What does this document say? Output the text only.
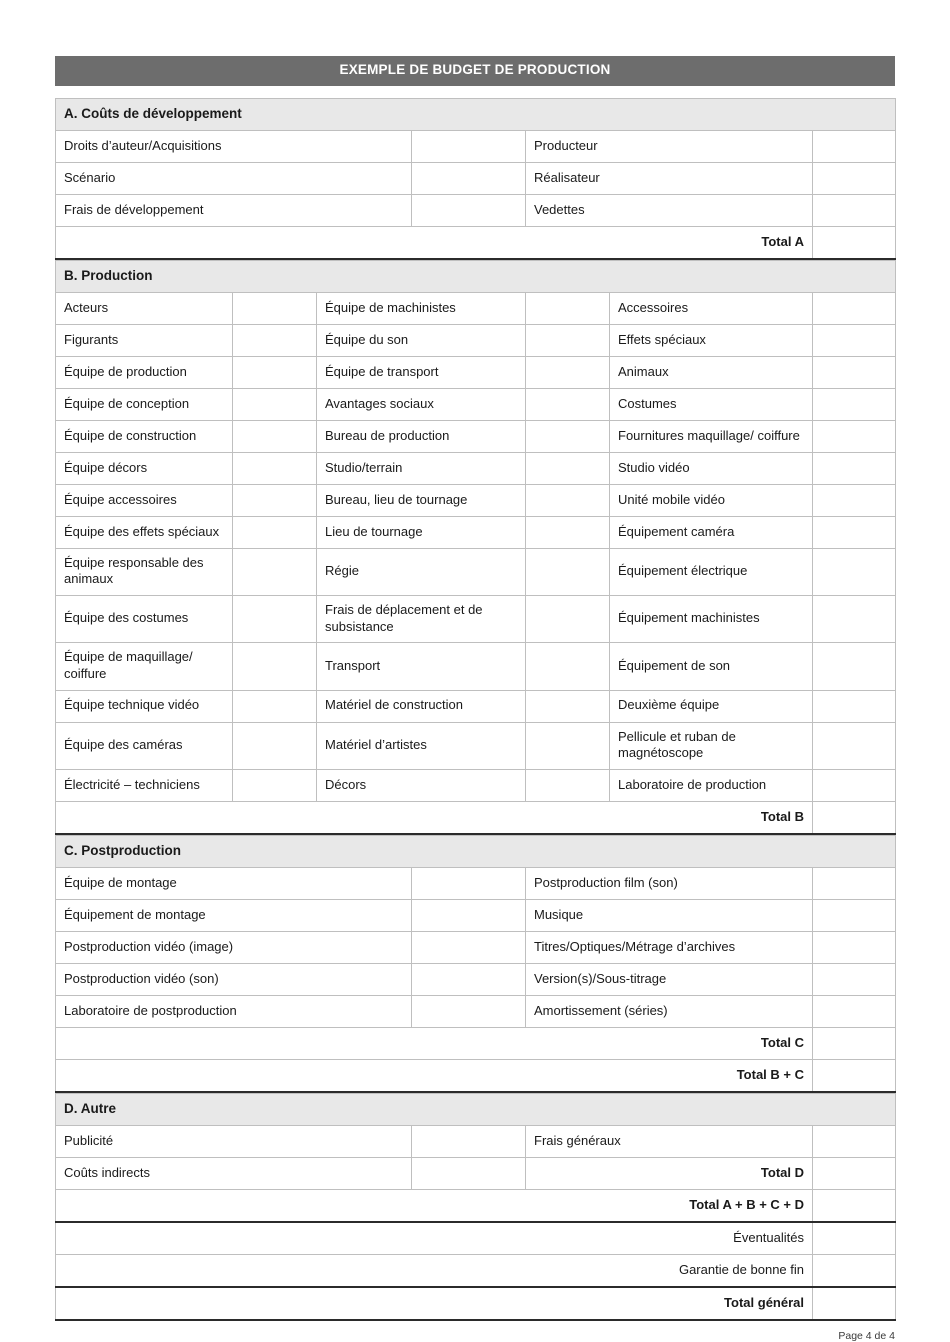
EXEMPLE DE BUDGET DE PRODUCTION
A. Coûts de développement						
Droits d’auteur/Acquisitions				Producteur		
Scénario				Réalisateur		
Frais de développement				Vedettes		
Total A						

B. Production						
Acteurs		Équipe de machinistes			Accessoires	
Figurants		Équipe du son			Effets spéciaux	
Équipe de production		Équipe de transport			Animaux	
Équipe de conception		Avantages sociaux			Costumes	
Équipe de construction		Bureau de production			Fournitures maquillage/ coiffure	
Équipe décors		Studio/terrain			Studio vidéo	
Équipe accessoires		Bureau, lieu de tournage			Unité mobile vidéo	
Équipe des effets spéciaux		Lieu de tournage			Équipement caméra	
Équipe responsable des animaux		Régie			Équipement électrique	
Équipe des costumes		Frais de déplacement et de subsistance			Équipement machinistes	
Équipe de maquillage/ coiffure		Transport			Équipement de son	
Équipe technique vidéo		Matériel de construction			Deuxième équipe	
Équipe des caméras		Matériel d’artistes			Pellicule et ruban de magnétoscope	
Électricité – techniciens		Décors			Laboratoire de production	
Total B						

C. Postproduction						
Équipe de montage				Postproduction film (son)		
Équipement de montage				Musique		
Postproduction vidéo (image)				Titres/Optiques/Métrage d’archives		
Postproduction vidéo (son)				Version(s)/Sous-titrage		
Laboratoire de postproduction				Amortissement (séries)		
Total C						
Total B + C						

D. Autre						
Publicité				Frais généraux		
Coûts indirects				Total D		
Total A + B + C + D						
Éventualités						
Garantie de bonne fin						
Total général						
Page 4 de 4
